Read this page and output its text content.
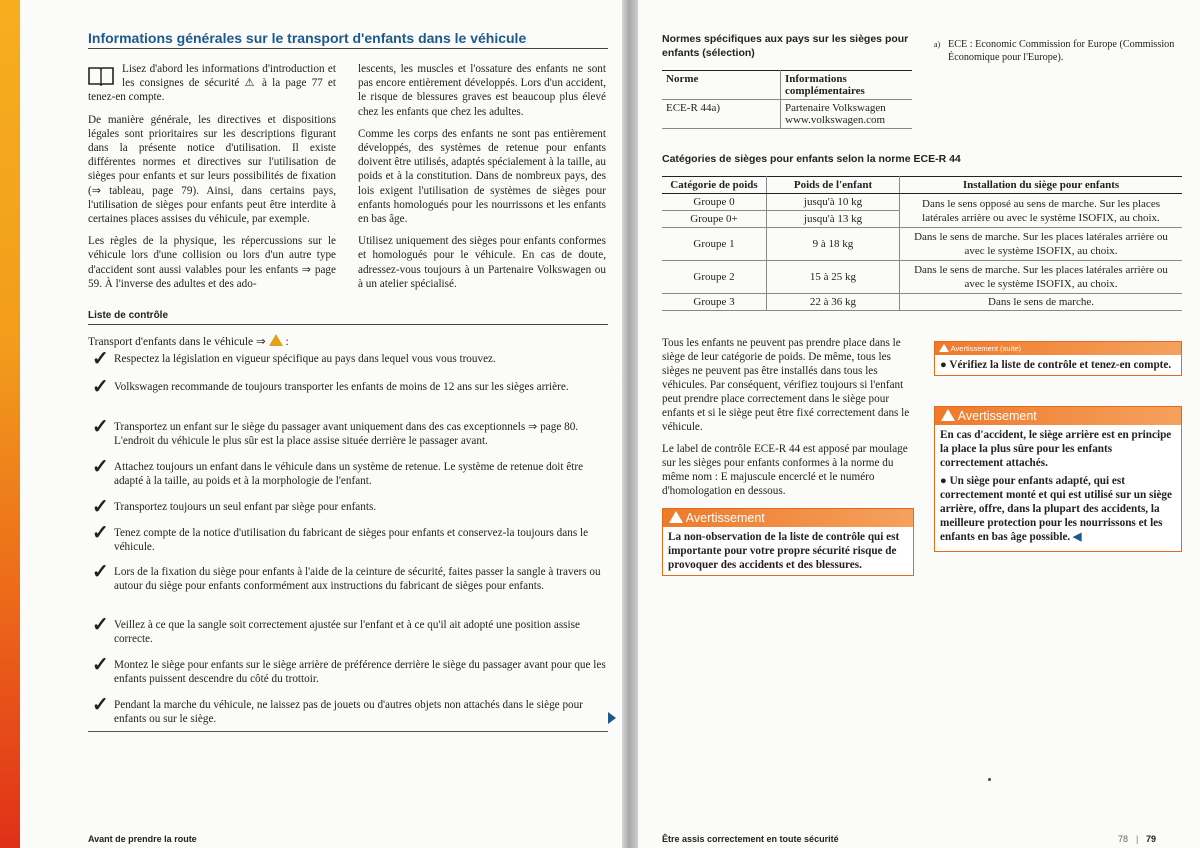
Informations générales sur le transport d'enfants dans le véhicule

Lisez d'abord les informations d'introduction et les consignes de sécurité ⚠ à la page 77 et tenez-en compte.

De manière générale, les directives et dispositions légales sont prioritaires sur les descriptions figurant dans la présente notice d'utilisation. Il existe différentes normes et directives sur l'utilisation de sièges pour enfants et sur leurs possibilités de fixation (⇒ tableau, page 79). Ainsi, dans certains pays, l'utilisation de sièges pour enfants peut être interdite à certaines places assises du véhicule, par exemple.

Les règles de la physique, les répercussions sur le véhicule lors d'une collision ou lors d'un autre type d'accident sont aussi valables pour les enfants ⇒ page 59. À l'inverse des adultes et des ado-

lescents, les muscles et l'ossature des enfants ne sont pas encore entièrement développés. Lors d'un accident, le risque de blessures graves est beaucoup plus élevé chez les enfants que chez les adultes.

Comme les corps des enfants ne sont pas entièrement développés, des systèmes de retenue pour enfants doivent être utilisés, adaptés spécialement à la taille, au poids et à la constitution. Dans de nombreux pays, des lois exigent l'utilisation de systèmes de sièges pour enfants homologués pour les nourrissons et les enfants en bas âge.

Utilisez uniquement des sièges pour enfants conformes et homologués pour le véhicule. En cas de doute, adressez-vous toujours à un Partenaire Volkswagen ou à un atelier spécialisé.

Liste de contrôle
Transport d'enfants dans le véhicule ⇒ :
✓ Respectez la législation en vigueur spécifique au pays dans lequel vous vous trouvez.
✓ Volkswagen recommande de toujours transporter les enfants de moins de 12 ans sur les sièges arrière.
✓ Transportez un enfant sur le siège du passager avant uniquement dans des cas exceptionnels ⇒ page 80. L'endroit du véhicule le plus sûr est la place assise située derrière le passager avant.
✓ Attachez toujours un enfant dans le véhicule dans un système de retenue. Le système de retenue doit être adapté à la taille, au poids et à la morphologie de l'enfant.
✓ Transportez toujours un seul enfant par siège pour enfants.
✓ Tenez compte de la notice d'utilisation du fabricant de sièges pour enfants et conservez-la toujours dans le véhicule.
✓ Lors de la fixation du siège pour enfants à l'aide de la ceinture de sécurité, faites passer la sangle à travers ou autour du siège pour enfants conformément aux instructions du fabricant de sièges pour enfants.
✓ Veillez à ce que la sangle soit correctement ajustée sur l'enfant et à ce qu'il ait adopté une position assise correcte.
✓ Montez le siège pour enfants sur le siège arrière de préférence derrière le siège du passager avant pour que les enfants puissent descendre du côté du trottoir.
✓ Pendant la marche du véhicule, ne laissez pas de jouets ou d'autres objets non attachés dans le siège pour enfants ou sur le siège.
Avant de prendre la route
Normes spécifiques aux pays sur les sièges pour enfants (sélection)
Norme	Informations complémentaires
ECE-R 44a)	Partenaire Volkswagen www.volkswagen.com
a) ECE : Economic Commission for Europe (Commission Économique pour l'Europe).
Catégories de sièges pour enfants selon la norme ECE-R 44
Catégorie de poids	Poids de l'enfant	Installation du siège pour enfants
Groupe 0	jusqu'à 10 kg	Dans le sens opposé au sens de marche. Sur les places latérales arrière ou avec le système ISOFIX, au choix.
Groupe 0+	jusqu'à 13 kg	
Groupe 1	9 à 18 kg	Dans le sens de marche. Sur les places latérales arrière ou avec le système ISOFIX, au choix.
Groupe 2	15 à 25 kg	Dans le sens de marche. Sur les places latérales arrière ou avec le système ISOFIX, au choix.
Groupe 3	22 à 36 kg	Dans le sens de marche.

Tous les enfants ne peuvent pas prendre place dans le siège de leur catégorie de poids. De même, tous les sièges ne peuvent pas être installés dans tous les véhicules. Par conséquent, vérifiez toujours si l'enfant peut prendre place correctement dans le siège pour enfants et si le siège peut être fixé correctement dans le véhicule.

Le label de contrôle ECE-R 44 est apposé par moulage sur les sièges pour enfants conformes à la norme du même nom : E majuscule encerclé et le numéro d'homologation en dessous.

Avertissement
La non-observation de la liste de contrôle qui est importante pour votre propre sécurité risque de provoquer des accidents et des blessures.
Avertissement (suite)
● Vérifiez la liste de contrôle et tenez-en compte.
Avertissement

En cas d'accident, le siège arrière est en principe la place la plus sûre pour les enfants correctement attachés.

● Un siège pour enfants adapté, qui est correctement monté et qui est utilisé sur un siège arrière, offre, dans la plupart des accidents, la meilleure protection pour les nourrissons et les enfants en bas âge possible. ◀

Être assis correctement en toute sécurité	78 | 79
